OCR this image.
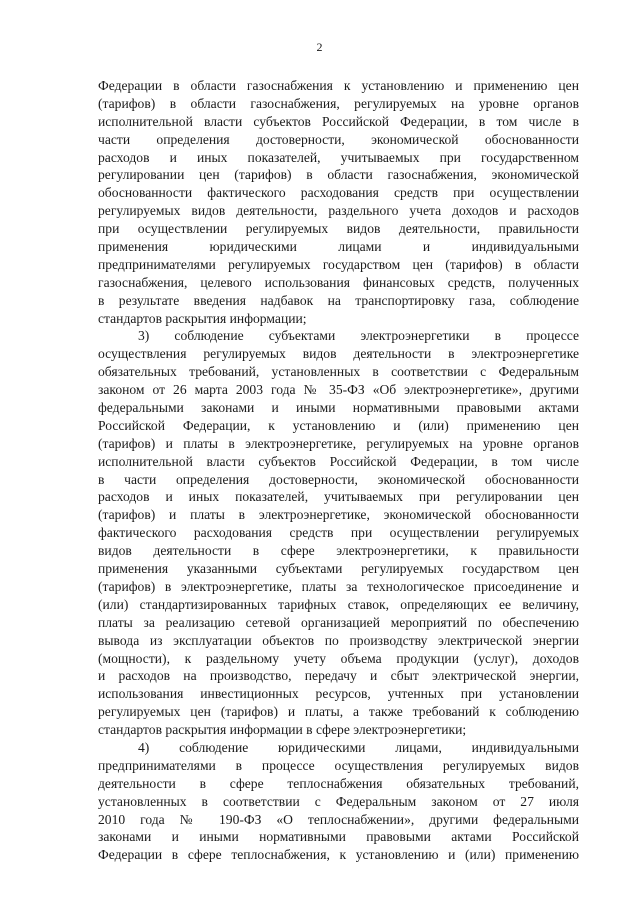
2
Федерации в области газоснабжения к установлению и применению цен
(тарифов) в области газоснабжения, регулируемых на уровне органов
исполнительной власти субъектов Российской Федерации, в том числе в
части определения достоверности, экономической обоснованности
расходов и иных показателей, учитываемых при государственном
регулировании цен (тарифов) в области газоснабжения, экономической
обоснованности фактического расходования средств при осуществлении
регулируемых видов деятельности, раздельного учета доходов и расходов
при осуществлении регулируемых видов деятельности, правильности
применения юридическими лицами и индивидуальными
предпринимателями регулируемых государством цен (тарифов) в области
газоснабжения, целевого использования финансовых средств, полученных
в результате введения надбавок на транспортировку газа, соблюдение
стандартов раскрытия информации;
3) соблюдение субъектами электроэнергетики в процессе
осуществления регулируемых видов деятельности в электроэнергетике
обязательных требований, установленных в соответствии с Федеральным
законом от 26 марта 2003 года № 35-ФЗ «Об электроэнергетике», другими
федеральными законами и иными нормативными правовыми актами
Российской Федерации, к установлению и (или) применению цен
(тарифов) и платы в электроэнергетике, регулируемых на уровне органов
исполнительной власти субъектов Российской Федерации, в том числе
в части определения достоверности, экономической обоснованности
расходов и иных показателей, учитываемых при регулировании цен
(тарифов) и платы в электроэнергетике, экономической обоснованности
фактического расходования средств при осуществлении регулируемых
видов деятельности в сфере электроэнергетики, к правильности
применения указанными субъектами регулируемых государством цен
(тарифов) в электроэнергетике, платы за технологическое присоединение и
(или) стандартизированных тарифных ставок, определяющих ее величину,
платы за реализацию сетевой организацией мероприятий по обеспечению
вывода из эксплуатации объектов по производству электрической энергии
(мощности), к раздельному учету объема продукции (услуг), доходов
и расходов на производство, передачу и сбыт электрической энергии,
использования инвестиционных ресурсов, учтенных при установлении
регулируемых цен (тарифов) и платы, а также требований к соблюдению
стандартов раскрытия информации в сфере электроэнергетики;
4) соблюдение юридическими лицами, индивидуальными
предпринимателями в процессе осуществления регулируемых видов
деятельности в сфере теплоснабжения обязательных требований,
установленных в соответствии с Федеральным законом от 27 июля
2010 года № 190-ФЗ «О теплоснабжении», другими федеральными
законами и иными нормативными правовыми актами Российской
Федерации в сфере теплоснабжения, к установлению и (или) применению
